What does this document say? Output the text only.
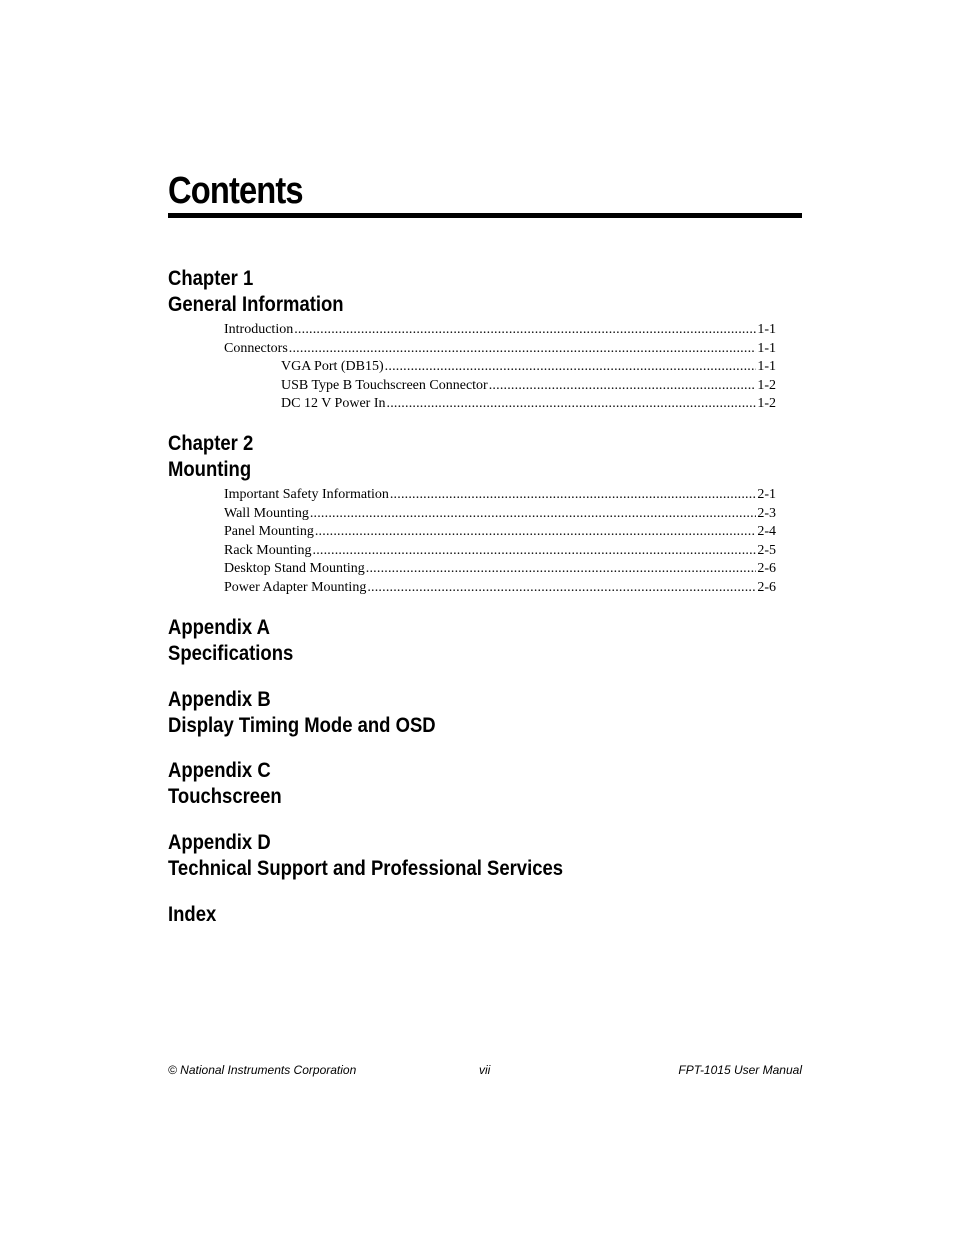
Contents
Chapter 1
General Information
Introduction .....	1-1
Connectors .....	1-1
VGA Port (DB15) .....	1-1
USB Type B Touchscreen Connector .....	1-2
DC 12 V Power In .....	1-2
Chapter 2
Mounting
Important Safety Information .....	2-1
Wall Mounting .....	2-3
Panel Mounting .....	2-4
Rack Mounting .....	2-5
Desktop Stand Mounting .....	2-6
Power Adapter Mounting .....	2-6
Appendix A
Specifications
Appendix B
Display Timing Mode and OSD
Appendix C
Touchscreen
Appendix D
Technical Support and Professional Services
Index
© National Instruments Corporation	vii	FPT-1015 User Manual
